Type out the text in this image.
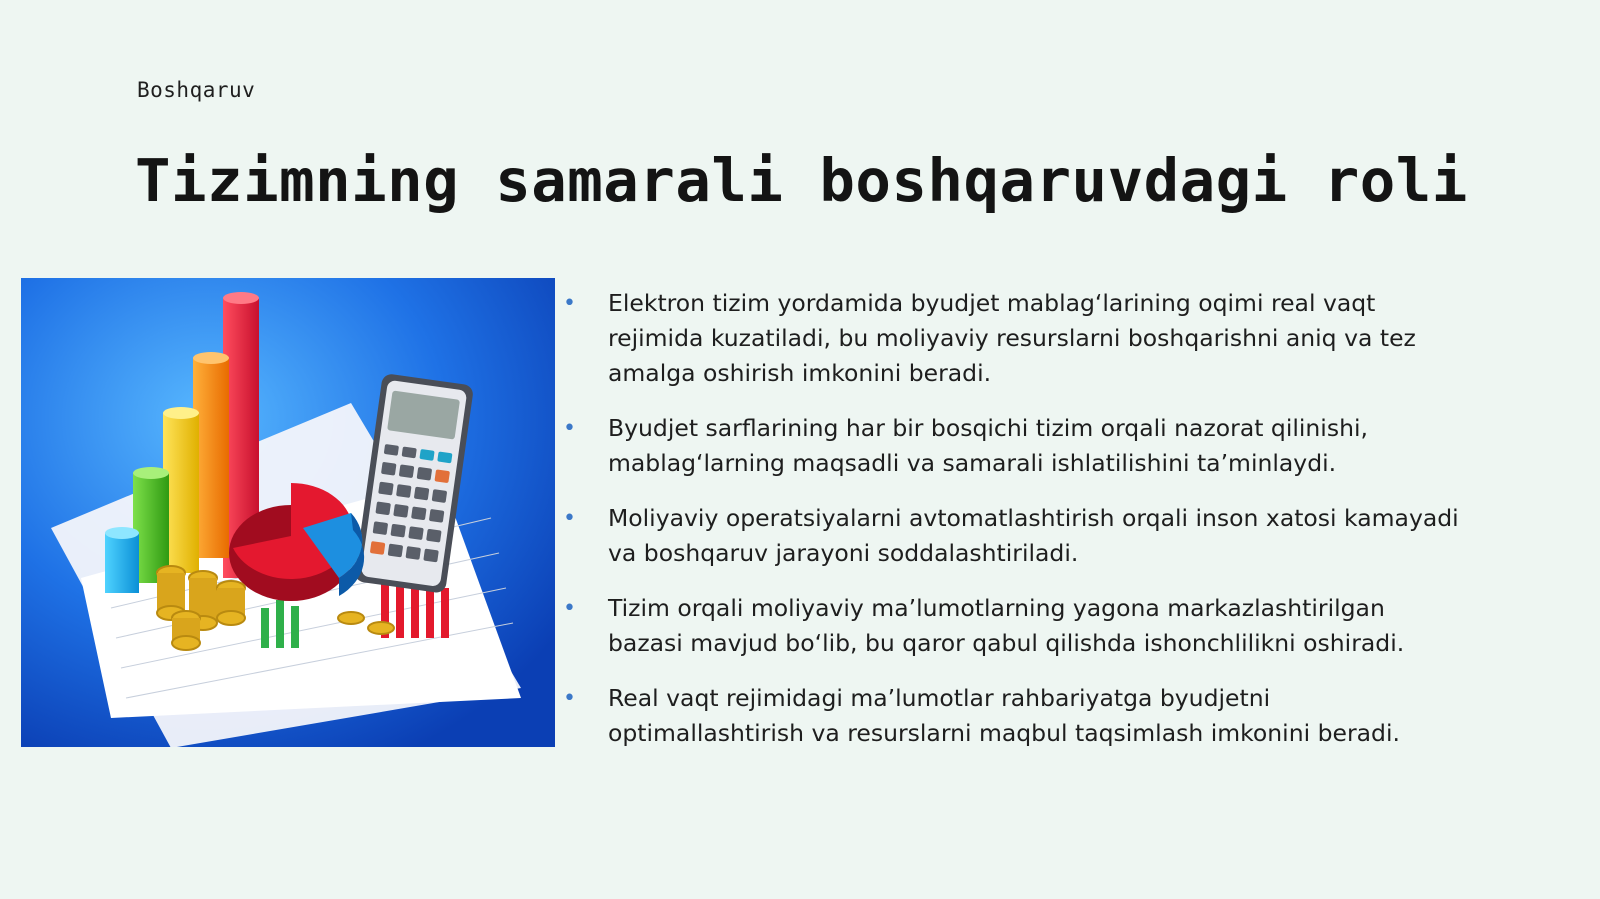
Boshqaruv
Tizimning samarali boshqaruvdagi roli
• Elektron tizim yordamida byudjet mablag‘larining oqimi real vaqt rejimida kuzatiladi, bu moliyaviy resurslarni boshqarishni aniq va tez amalga oshirish imkonini beradi.
• Byudjet sarflarining har bir bosqichi tizim orqali nazorat qilinishi, mablag‘larning maqsadli va samarali ishlatilishini ta’minlaydi.
• Moliyaviy operatsiyalarni avtomatlashtirish orqali inson xatosi kamayadi va boshqaruv jarayoni soddalashtiriladi.
• Tizim orqali moliyaviy ma’lumotlarning yagona markazlashtirilgan bazasi mavjud bo‘lib, bu qaror qabul qilishda ishonchlilikni oshiradi.
• Real vaqt rejimidagi ma’lumotlar rahbariyatga byudjetni optimallashtirish va resurslarni maqbul taqsimlash imkonini beradi.
